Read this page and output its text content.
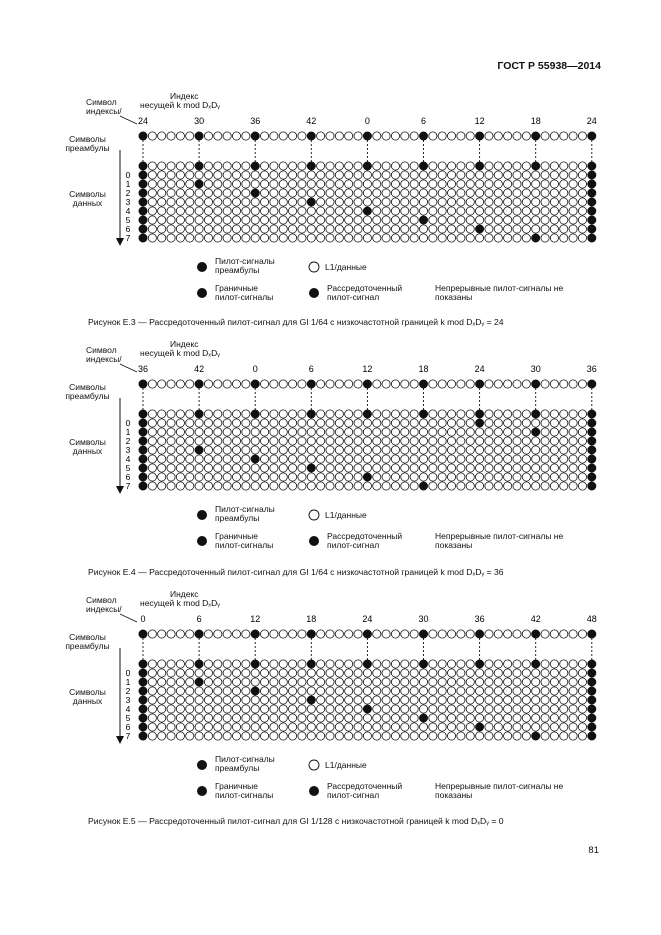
ГОСТ Р 55938—2014
24	30	36	42	0	6	12	18	24
0
1
2
3
4
5
6
7
Символ
индексы/
Индекс
несущей k mod DₓDᵧ
Символы преамбулы
Символы данных
Пилот-сигналы преамбулы	L1/данные
Граничные пилот-сигналы
Рассредоточенный пилот-сигнал
Непрерывные пилот-сигналы не показаны
Рисунок Е.3 — Рассредоточенный пилот-сигнал для GI 1/64 с низкочастотной границей k mod DₓDᵧ = 24
36	42	0	6	12	18	24	30	36
0
1
2
3
4
5
6
7
Символ
индексы/
Индекс
несущей k mod DₓDᵧ
Символы преамбулы
Символы данных
Пилот-сигналы преамбулы	L1/данные
Граничные пилот-сигналы
Рассредоточенный пилот-сигнал
Непрерывные пилот-сигналы не показаны
Рисунок Е.4 — Рассредоточенный пилот-сигнал для GI 1/64 с низкочастотной границей k mod DₓDᵧ = 36
0	6	12	18	24	30	36	42	48
0
1
2
3
4
5
6
7
Символ
индексы/
Индекс
несущей k mod DₓDᵧ
Символы преамбулы
Символы данных
Пилот-сигналы преамбулы	L1/данные
Граничные пилот-сигналы
Рассредоточенный пилот-сигнал
Непрерывные пилот-сигналы не показаны
Рисунок Е.5 — Рассредоточенный пилот-сигнал для GI 1/128 с низкочастотной границей k mod DₓDᵧ = 0
81
